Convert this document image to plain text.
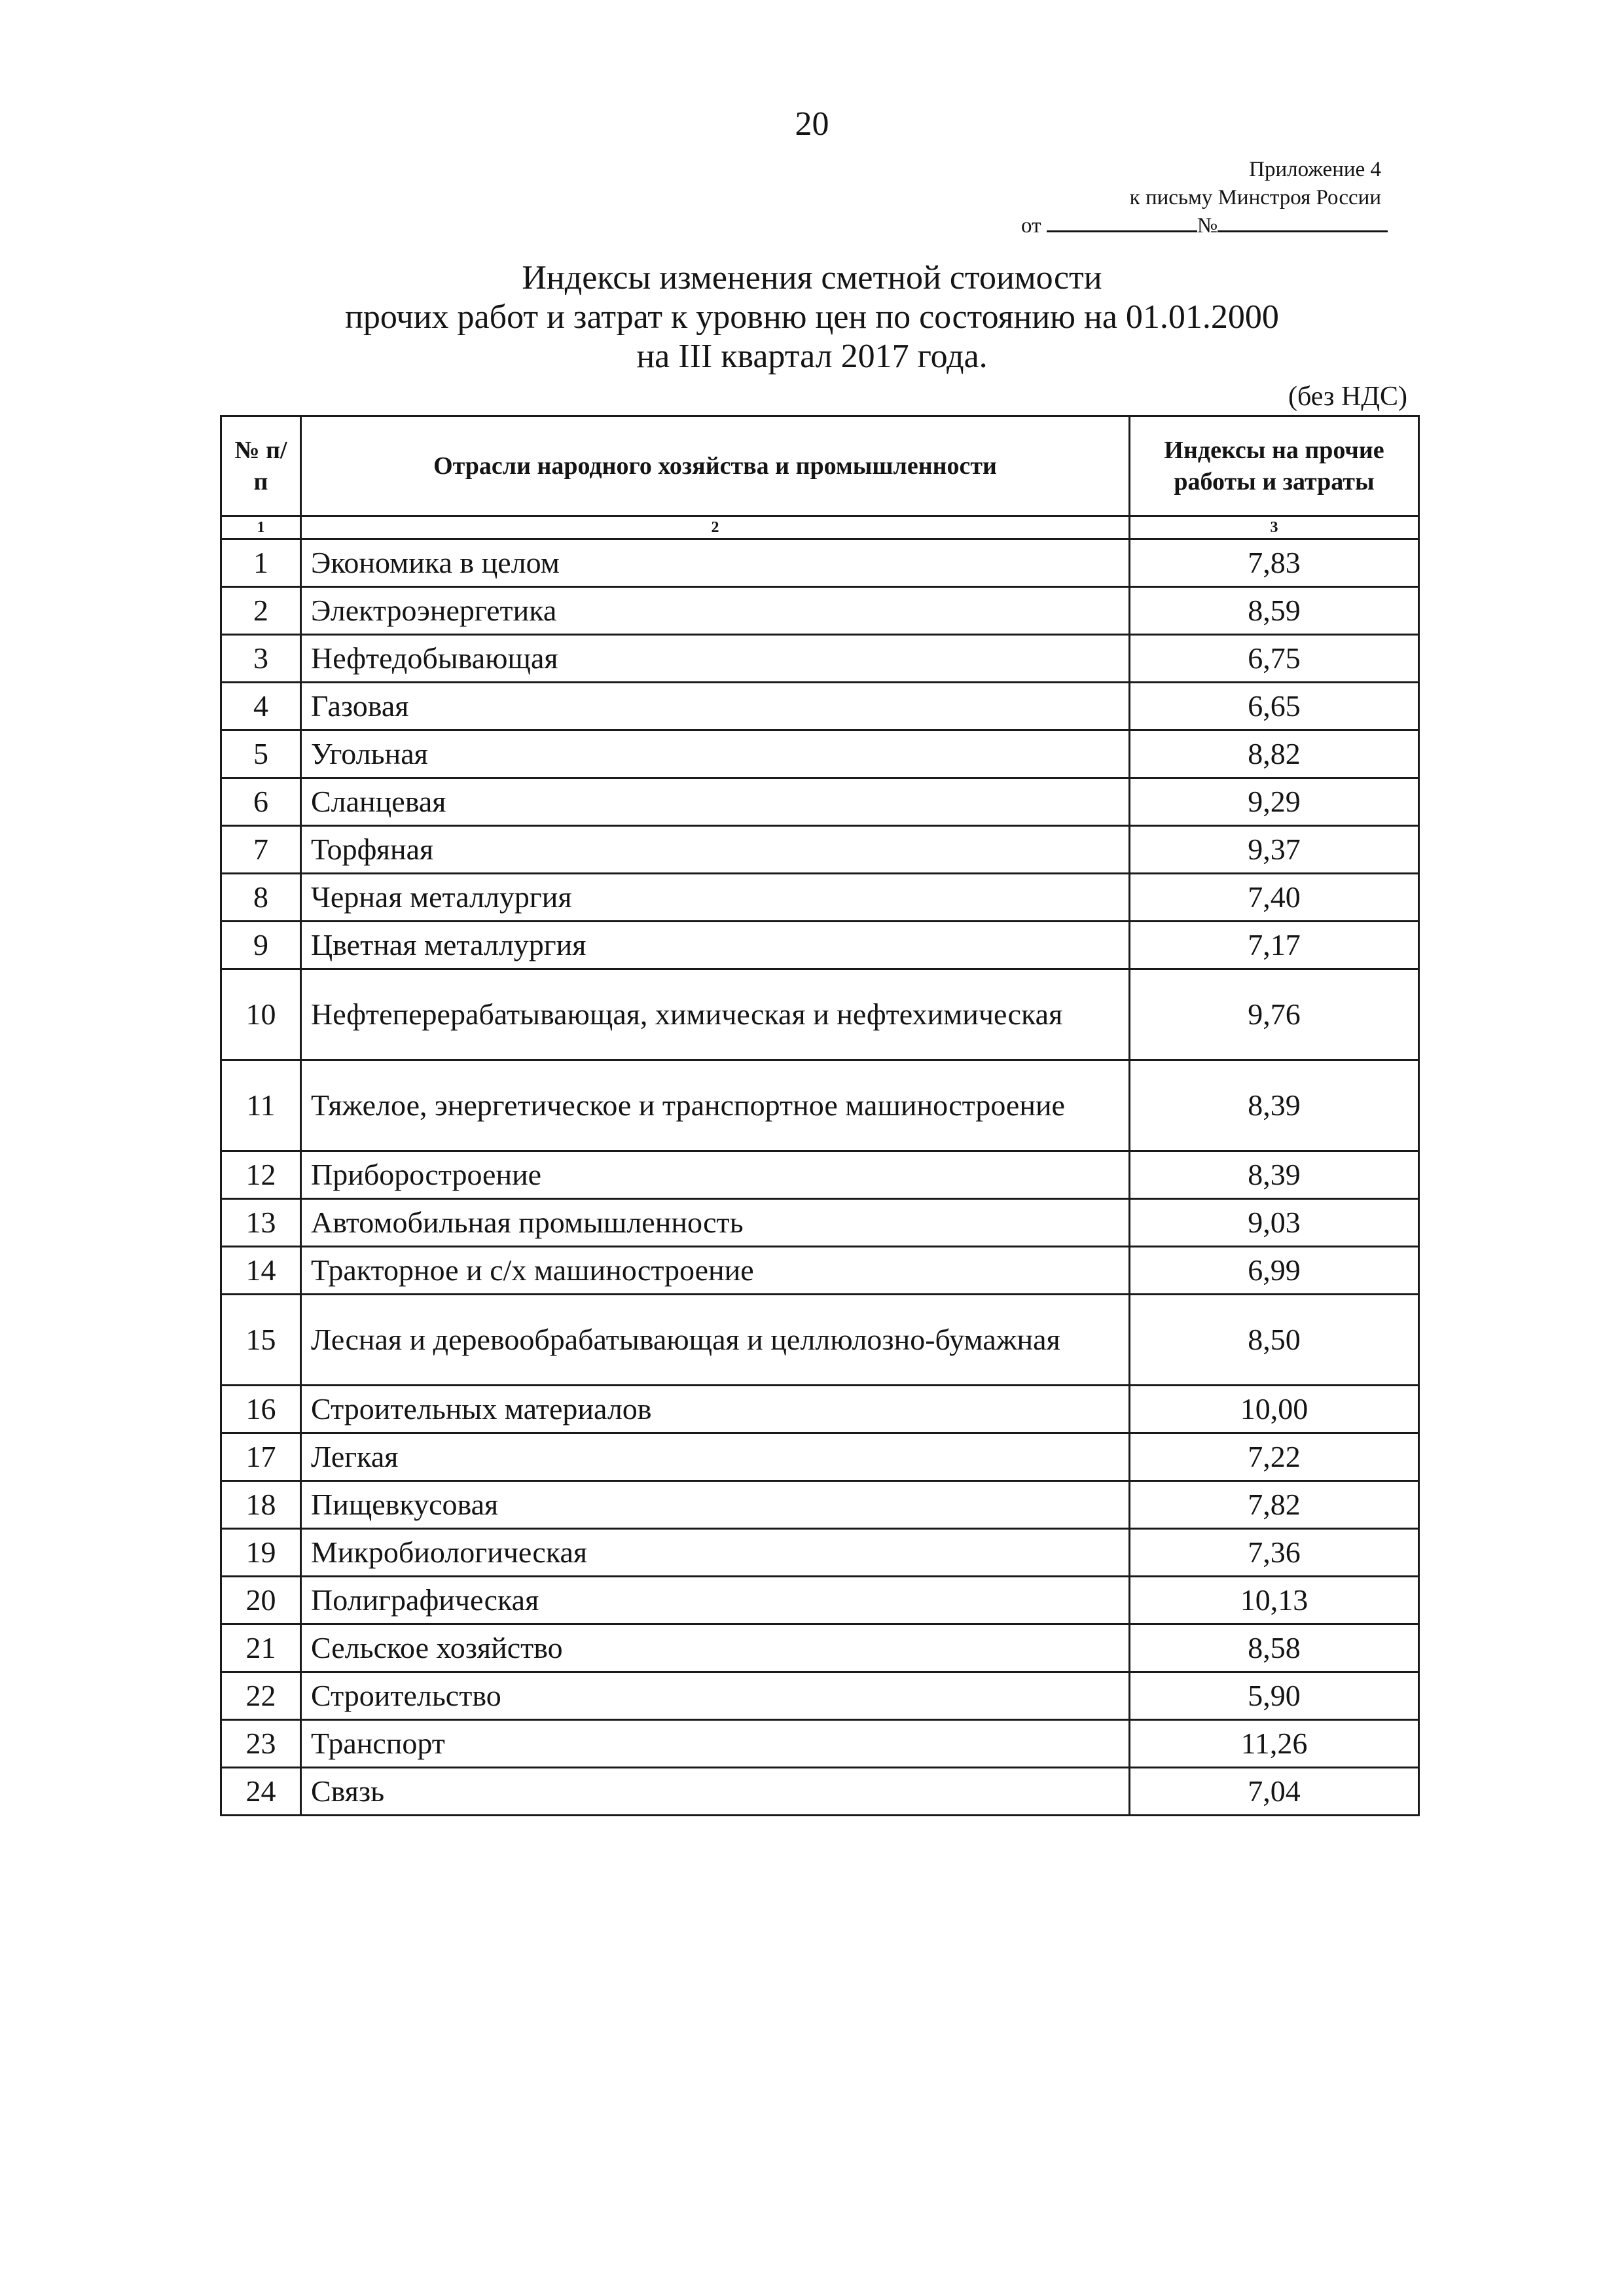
20
Приложение 4
к письму Минстроя России
от	№
Индексы изменения сметной стоимости
прочих работ и затрат к уровню цен по состоянию на 01.01.2000
на III квартал 2017 года.
(без НДС)
№ п/п	Отрасли народного хозяйства и промышленности	Индексы на прочие работы и затраты
1	2	3
1	Экономика в целом	7,83
2	Электроэнергетика	8,59
3	Нефтедобывающая	6,75
4	Газовая	6,65
5	Угольная	8,82
6	Сланцевая	9,29
7	Торфяная	9,37
8	Черная металлургия	7,40
9	Цветная металлургия	7,17
10	Нефтеперерабатывающая, химическая и нефтехимическая	9,76
11	Тяжелое, энергетическое и транспортное машиностроение	8,39
12	Приборостроение	8,39
13	Автомобильная промышленность	9,03
14	Тракторное и с/х машиностроение	6,99
15	Лесная и деревообрабатывающая и целлюлозно-бумажная	8,50
16	Строительных материалов	10,00
17	Легкая	7,22
18	Пищевкусовая	7,82
19	Микробиологическая	7,36
20	Полиграфическая	10,13
21	Сельское хозяйство	8,58
22	Строительство	5,90
23	Транспорт	11,26
24	Связь	7,04
